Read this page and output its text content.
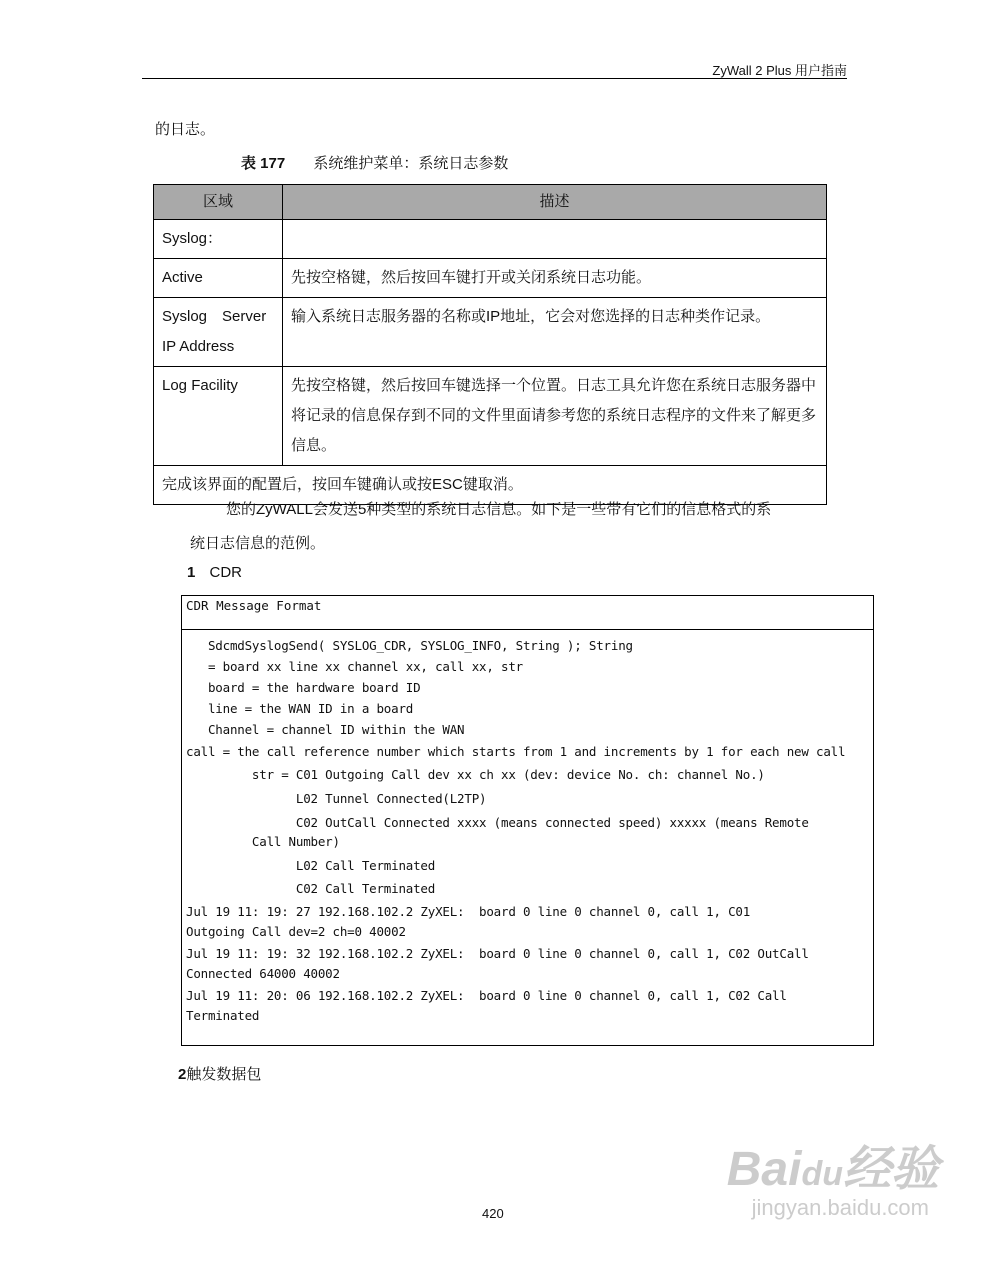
ZyWall 2 Plus 用户指南
的日志。
表 177 系统维护菜单：系统日志参数
区域	描述
Syslog：	
Active	先按空格键，然后按回车键打开或关闭系统日志功能。
Syslog　Server IP Address	输入系统日志服务器的名称或IP地址，它会对您选择的日志种类作记录。
Log Facility	先按空格键，然后按回车键选择一个位置。日志工具允许您在系统日志服务器中将记录的信息保存到不同的文件里面请参考您的系统日志程序的文件来了解更多信息。
完成该界面的配置后，按回车键确认或按ESC键取消。	
您的ZyWALL会发送5种类型的系统日志信息。如下是一些带有它们的信息格式的系
统日志信息的范例。
1 CDR
CDR Message Format
SdcmdSyslogSend( SYSLOG_CDR, SYSLOG_INFO, String ); String
= board xx line xx channel xx, call xx, str
board = the hardware board ID
line = the WAN ID in a board
Channel = channel ID within the WAN
call = the call reference number which starts from 1 and increments by 1 for each new call
str = C01 Outgoing Call dev xx ch xx (dev: device No. ch: channel No.)
L02 Tunnel Connected(L2TP)
C02 OutCall Connected xxxx (means connected speed) xxxxx (means Remote
Call Number)
L02 Call Terminated
C02 Call Terminated
Jul 19 11: 19: 27 192.168.102.2 ZyXEL:  board 0 line 0 channel 0, call 1, C01
Outgoing Call dev=2 ch=0 40002
Jul 19 11: 19: 32 192.168.102.2 ZyXEL:  board 0 line 0 channel 0, call 1, C02 OutCall
Connected 64000 40002
Jul 19 11: 20: 06 192.168.102.2 ZyXEL:  board 0 line 0 channel 0, call 1, C02 Call
Terminated
2触发数据包
420
Baidu经验
jingyan.baidu.com
